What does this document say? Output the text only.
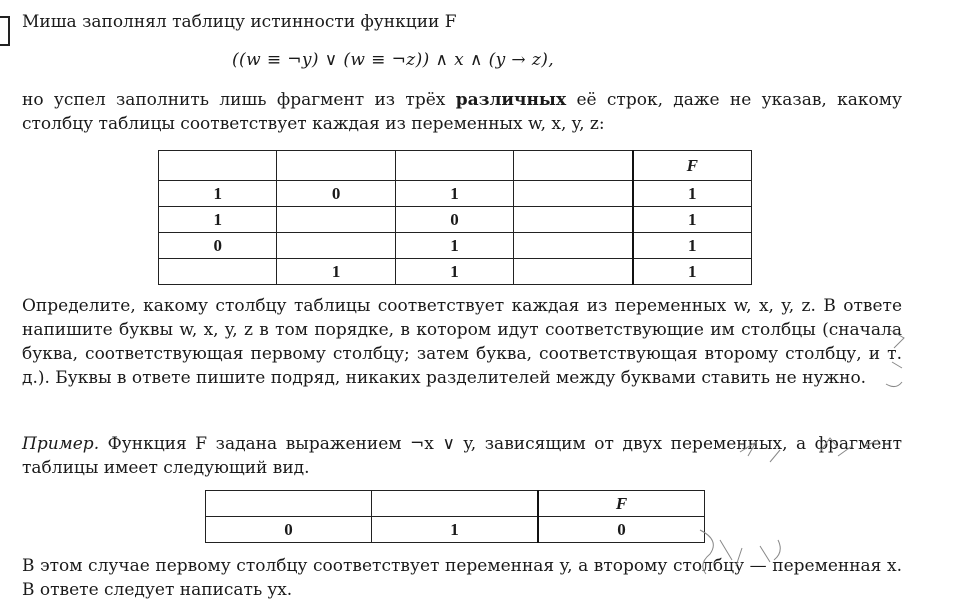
Миша заполнял таблицу истинности функции F
((w ≡ ¬y) ∨ (w ≡ ¬z)) ∧ x ∧ (y → z),
но успел заполнить лишь фрагмент из трёх различных её строк, даже не указав, какому столбцу таблицы соответствует каждая из переменных w, x, y, z:
				F
1	0	1		1
1		0		1
0		1		1
	1	1		1
Определите, какому столбцу таблицы соответствует каждая из переменных w, x, y, z. В ответе напишите буквы w, x, y, z в том порядке, в котором идут соответствующие им столбцы (сначала буква, соответствующая первому столбцу; затем буква, соответствующая второму столбцу, и т. д.). Буквы в ответе пишите подряд, никаких разделителей между буквами ставить не нужно.
Пример. Функция F задана выражением ¬x ∨ y, зависящим от двух переменных, а фрагмент таблицы имеет следующий вид.
		F
0	1	0
В этом случае первому столбцу соответствует переменная y, а второму столбцу — переменная x. В ответе следует написать yx.
